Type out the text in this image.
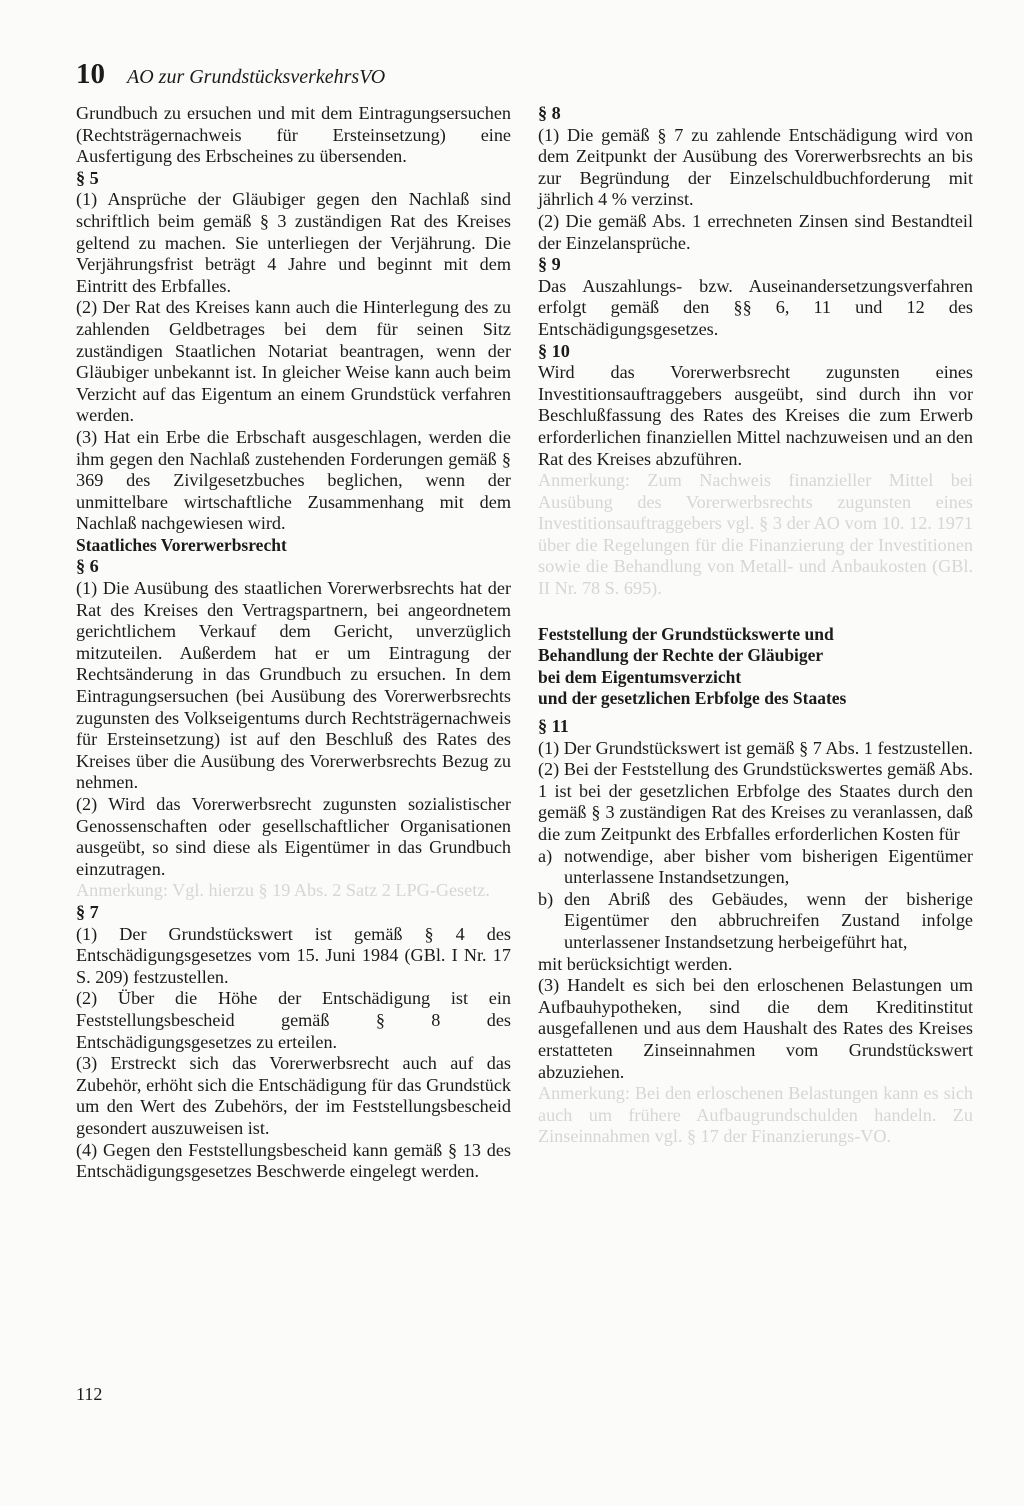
10 AO zur GrundstücksverkehrsVO

Grundbuch zu ersuchen und mit dem Eintragungsersuchen (Rechtsträgernachweis für Ersteinsetzung) eine Ausfertigung des Erbscheines zu übersenden.

§ 5

(1) Ansprüche der Gläubiger gegen den Nachlaß sind schriftlich beim gemäß § 3 zuständigen Rat des Kreises geltend zu machen. Sie unterliegen der Verjährung. Die Verjährungsfrist beträgt 4 Jahre und beginnt mit dem Eintritt des Erbfalles.

(2) Der Rat des Kreises kann auch die Hinterlegung des zu zahlenden Geldbetrages bei dem für seinen Sitz zuständigen Staatlichen Notariat beantragen, wenn der Gläubiger unbekannt ist. In gleicher Weise kann auch beim Verzicht auf das Eigentum an einem Grundstück verfahren werden.

(3) Hat ein Erbe die Erbschaft ausgeschlagen, werden die ihm gegen den Nachlaß zustehenden Forderungen gemäß § 369 des Zivilgesetzbuches beglichen, wenn der unmittelbare wirtschaftliche Zusammenhang mit dem Nachlaß nachgewiesen wird.

Staatliches Vorerwerbsrecht

§ 6

(1) Die Ausübung des staatlichen Vorerwerbsrechts hat der Rat des Kreises den Vertragspartnern, bei angeordnetem gerichtlichem Verkauf dem Gericht, unverzüglich mitzuteilen. Außerdem hat er um Eintragung der Rechtsänderung in das Grundbuch zu ersuchen. In dem Eintragungsersuchen (bei Ausübung des Vorerwerbsrechts zugunsten des Volkseigentums durch Rechtsträgernachweis für Ersteinsetzung) ist auf den Beschluß des Rates des Kreises über die Ausübung des Vorerwerbsrechts Bezug zu nehmen.

(2) Wird das Vorerwerbsrecht zugunsten sozialistischer Genossenschaften oder gesellschaftlicher Organisationen ausgeübt, so sind diese als Eigentümer in das Grundbuch einzutragen.

Anmerkung: Vgl. hierzu § 19 Abs. 2 Satz 2 LPG-Gesetz.

§ 7

(1) Der Grundstückswert ist gemäß § 4 des Entschädigungsgesetzes vom 15. Juni 1984 (GBl. I Nr. 17 S. 209) festzustellen.

(2) Über die Höhe der Entschädigung ist ein Feststellungsbescheid gemäß § 8 des Entschädigungsgesetzes zu erteilen.

(3) Erstreckt sich das Vorerwerbsrecht auch auf das Zubehör, erhöht sich die Entschädigung für das Grundstück um den Wert des Zubehörs, der im Feststellungsbescheid gesondert auszuweisen ist.

(4) Gegen den Feststellungsbescheid kann gemäß § 13 des Entschädigungsgesetzes Beschwerde eingelegt werden.

§ 8

(1) Die gemäß § 7 zu zahlende Entschädigung wird von dem Zeitpunkt der Ausübung des Vorerwerbsrechts an bis zur Begründung der Einzelschuldbuchforderung mit jährlich 4 % verzinst.

(2) Die gemäß Abs. 1 errechneten Zinsen sind Bestandteil der Einzelansprüche.

§ 9

Das Auszahlungs- bzw. Auseinandersetzungsverfahren erfolgt gemäß den §§ 6, 11 und 12 des Entschädigungsgesetzes.

§ 10

Wird das Vorerwerbsrecht zugunsten eines Investitionsauftraggebers ausgeübt, sind durch ihn vor Beschlußfassung des Rates des Kreises die zum Erwerb erforderlichen finanziellen Mittel nachzuweisen und an den Rat des Kreises abzuführen.

Anmerkung: Zum Nachweis finanzieller Mittel bei Ausübung des Vorerwerbsrechts zugunsten eines Investitionsauftraggebers vgl. § 3 der AO vom 10. 12. 1971 über die Regelungen für die Finanzierung der Investitionen sowie die Behandlung von Metall- und Anbaukosten (GBl. II Nr. 78 S. 695).

Feststellung der Grundstückswerte und
Behandlung der Rechte der Gläubiger
bei dem Eigentumsverzicht
und der gesetzlichen Erbfolge des Staates

§ 11

(1) Der Grundstückswert ist gemäß § 7 Abs. 1 festzustellen.

(2) Bei der Feststellung des Grundstückswertes gemäß Abs. 1 ist bei der gesetzlichen Erbfolge des Staates durch den gemäß § 3 zuständigen Rat des Kreises zu veranlassen, daß die zum Zeitpunkt des Erbfalles erforderlichen Kosten für

a) notwendige, aber bisher vom bisherigen Eigentümer unterlassene Instandsetzungen,
b) den Abriß des Gebäudes, wenn der bisherige Eigentümer den abbruchreifen Zustand infolge unterlassener Instandsetzung herbeigeführt hat,

mit berücksichtigt werden.

(3) Handelt es sich bei den erloschenen Belastungen um Aufbauhypotheken, sind die dem Kreditinstitut ausgefallenen und aus dem Haushalt des Rates des Kreises erstatteten Zinseinnahmen vom Grundstückswert abzuziehen.

Anmerkung: Bei den erloschenen Belastungen kann es sich auch um frühere Aufbaugrundschulden handeln. Zu Zinseinnahmen vgl. § 17 der Finanzierungs-VO.

112
